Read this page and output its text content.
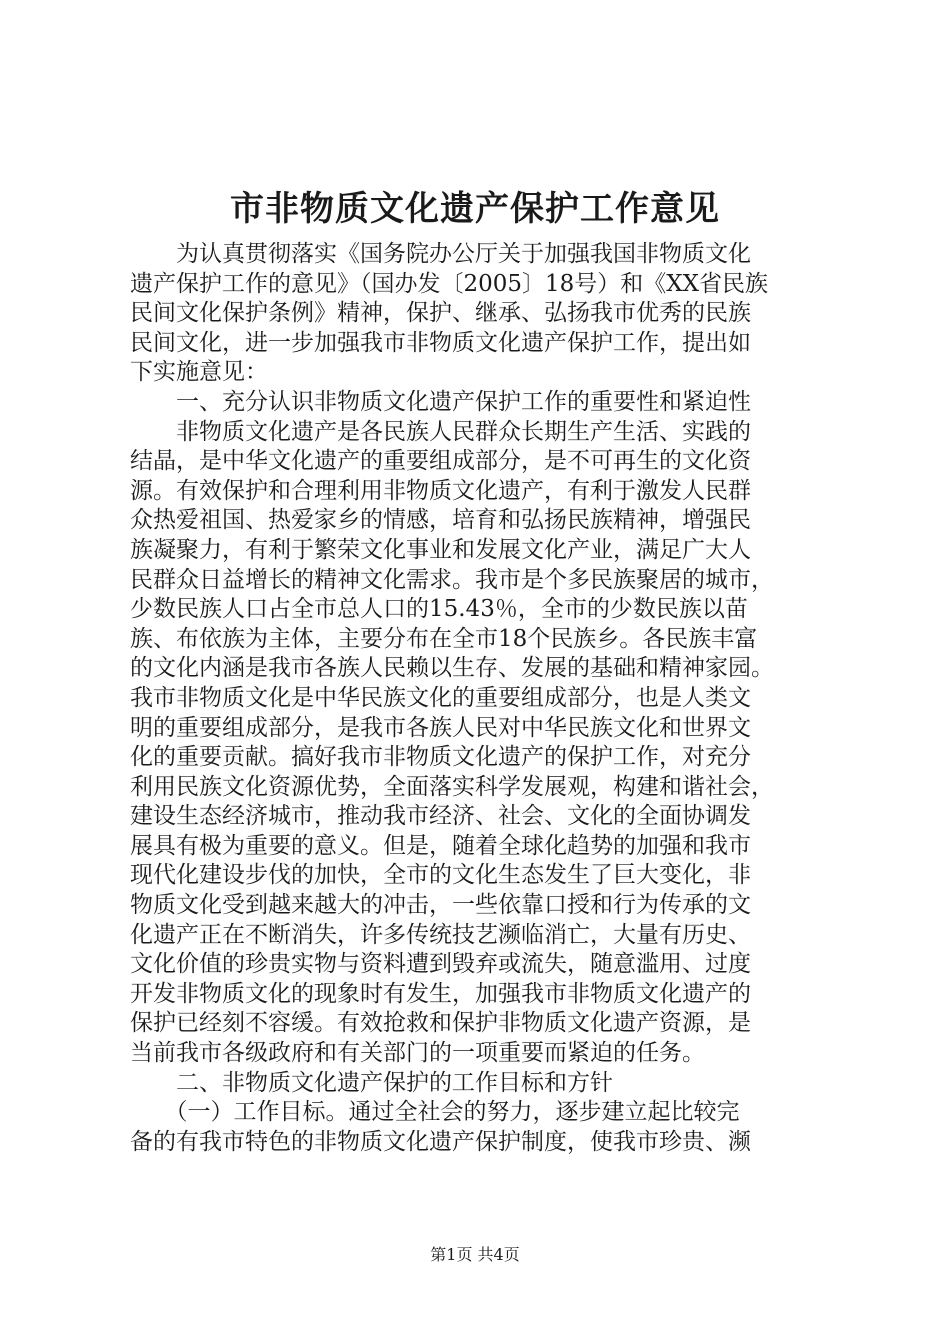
市非物质文化遗产保护工作意见
　　为认真贯彻落实《国务院办公厅关于加强我国非物质文化
遗产保护工作的意见》（国办发〔2005〕18号）和《XX省民族
民间文化保护条例》精神，保护、继承、弘扬我市优秀的民族
民间文化，进一步加强我市非物质文化遗产保护工作，提出如
下实施意见：
　　一、充分认识非物质文化遗产保护工作的重要性和紧迫性
　　非物质文化遗产是各民族人民群众长期生产生活、实践的
结晶，是中华文化遗产的重要组成部分，是不可再生的文化资
源。有效保护和合理利用非物质文化遗产，有利于激发人民群
众热爱祖国、热爱家乡的情感，培育和弘扬民族精神，增强民
族凝聚力，有利于繁荣文化事业和发展文化产业，满足广大人
民群众日益增长的精神文化需求。我市是个多民族聚居的城市，
少数民族人口占全市总人口的15.43％，全市的少数民族以苗
族、布依族为主体，主要分布在全市18个民族乡。各民族丰富
的文化内涵是我市各族人民赖以生存、发展的基础和精神家园。
我市非物质文化是中华民族文化的重要组成部分，也是人类文
明的重要组成部分，是我市各族人民对中华民族文化和世界文
化的重要贡献。搞好我市非物质文化遗产的保护工作，对充分
利用民族文化资源优势，全面落实科学发展观，构建和谐社会，
建设生态经济城市，推动我市经济、社会、文化的全面协调发
展具有极为重要的意义。但是，随着全球化趋势的加强和我市
现代化建设步伐的加快，全市的文化生态发生了巨大变化，非
物质文化受到越来越大的冲击，一些依靠口授和行为传承的文
化遗产正在不断消失，许多传统技艺濒临消亡，大量有历史、
文化价值的珍贵实物与资料遭到毁弃或流失，随意滥用、过度
开发非物质文化的现象时有发生，加强我市非物质文化遗产的
保护已经刻不容缓。有效抢救和保护非物质文化遗产资源，是
当前我市各级政府和有关部门的一项重要而紧迫的任务。
　　二、非物质文化遗产保护的工作目标和方针
　　（一）工作目标。通过全社会的努力，逐步建立起比较完
备的有我市特色的非物质文化遗产保护制度，使我市珍贵、濒
第1页 共4页
